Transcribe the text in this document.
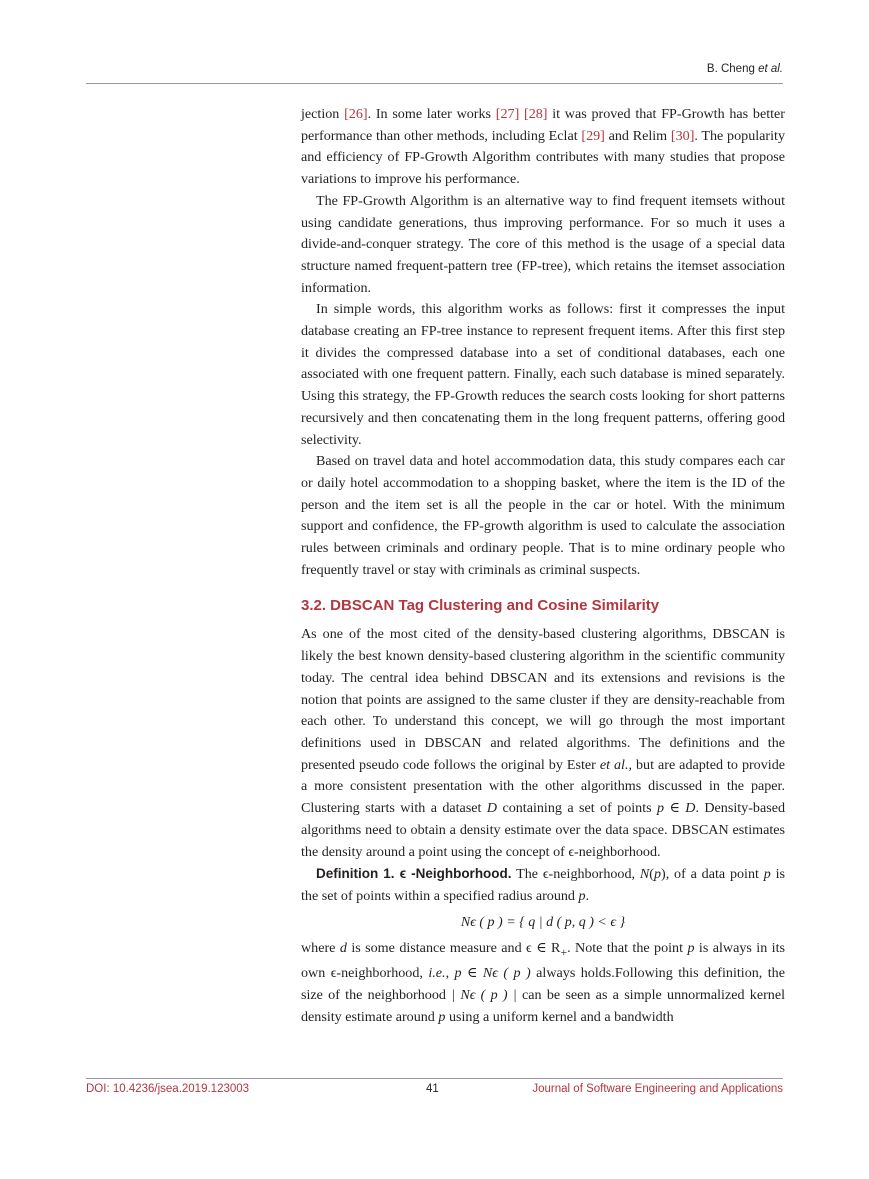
B. Cheng et al.

jection [26]. In some later works [27] [28] it was proved that FP-Growth has better performance than other methods, including Eclat [29] and Relim [30]. The popularity and efficiency of FP-Growth Algorithm contributes with many studies that propose variations to improve his performance.

The FP-Growth Algorithm is an alternative way to find frequent itemsets without using candidate generations, thus improving performance. For so much it uses a divide-and-conquer strategy. The core of this method is the usage of a special data structure named frequent-pattern tree (FP-tree), which retains the itemset association information.

In simple words, this algorithm works as follows: first it compresses the input database creating an FP-tree instance to represent frequent items. After this first step it divides the compressed database into a set of conditional databases, each one associated with one frequent pattern. Finally, each such database is mined separately. Using this strategy, the FP-Growth reduces the search costs looking for short patterns recursively and then concatenating them in the long frequent patterns, offering good selectivity.

Based on travel data and hotel accommodation data, this study compares each car or daily hotel accommodation to a shopping basket, where the item is the ID of the person and the item set is all the people in the car or hotel. With the minimum support and confidence, the FP-growth algorithm is used to calculate the association rules between criminals and ordinary people. That is to mine ordinary people who frequently travel or stay with criminals as criminal suspects.

3.2. DBSCAN Tag Clustering and Cosine Similarity

As one of the most cited of the density-based clustering algorithms, DBSCAN is likely the best known density-based clustering algorithm in the scientific community today. The central idea behind DBSCAN and its extensions and revisions is the notion that points are assigned to the same cluster if they are density-reachable from each other. To understand this concept, we will go through the most important definitions used in DBSCAN and related algorithms. The definitions and the presented pseudo code follows the original by Ester et al., but are adapted to provide a more consistent presentation with the other algorithms discussed in the paper. Clustering starts with a dataset D containing a set of points p ∈ D. Density-based algorithms need to obtain a density estimate over the data space. DBSCAN estimates the density around a point using the concept of ϵ-neighborhood.

Definition 1. ϵ -Neighborhood. The ϵ-neighborhood, N(p), of a data point p is the set of points within a specified radius around p.

Nϵ ( p ) = { q | d ( p, q ) < ϵ }

where d is some distance measure and ϵ ∈ $R_+$. Note that the point p is always in its own ϵ-neighborhood, i.e., p ∈ Nϵ ( p ) always holds.Following this definition, the size of the neighborhood | Nϵ ( p ) | can be seen as a simple unnormalized kernel density estimate around p using a uniform kernel and a bandwidth

DOI: 10.4236/jsea.2019.123003	41	Journal of Software Engineering and Applications
